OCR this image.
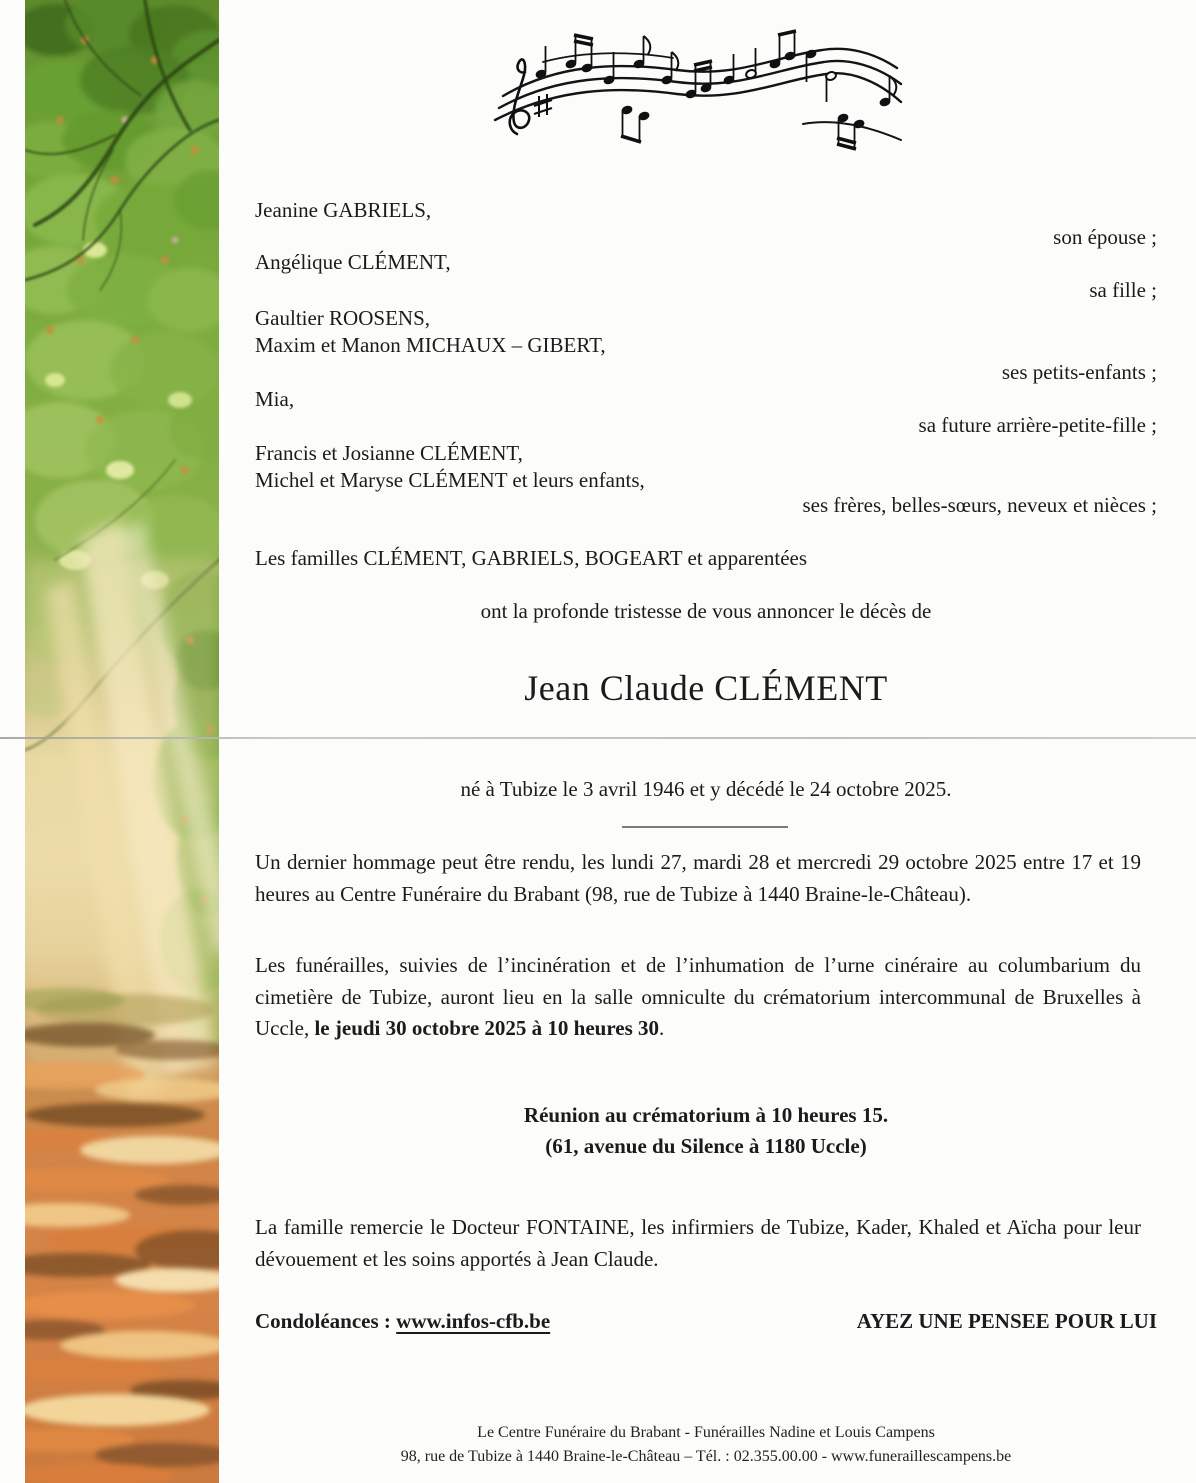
Jeanine GABRIELS,
son épouse ;
Angélique CLÉMENT,
sa fille ;
Gaultier ROOSENS,
Maxim et Manon MICHAUX – GIBERT,
ses petits-enfants ;
Mia,
sa future arrière-petite-fille ;
Francis et Josianne CLÉMENT,
Michel et Maryse CLÉMENT et leurs enfants,
ses frères, belles-sœurs, neveux et nièces ;
Les familles CLÉMENT, GABRIELS, BOGEART et apparentées
ont la profonde tristesse de vous annoncer le décès de
Jean Claude CLÉMENT
né à Tubize le 3 avril 1946 et y décédé le 24 octobre 2025.
Un dernier hommage peut être rendu, les lundi 27, mardi 28 et mercredi 29 octobre 2025 entre 17 et 19 heures au Centre Funéraire du Brabant (98, rue de Tubize à 1440 Braine-le-Château).
Les funérailles, suivies de l’incinération et de l’inhumation de l’urne cinéraire au columbarium du cimetière de Tubize, auront lieu en la salle omniculte du crématorium intercommunal de Bruxelles à Uccle, le jeudi 30 octobre 2025 à 10 heures 30.
Réunion au crématorium à 10 heures 15.
(61, avenue du Silence à 1180 Uccle)
La famille remercie le Docteur FONTAINE, les infirmiers de Tubize, Kader, Khaled et Aïcha pour leur dévouement et les soins apportés à Jean Claude.
Condoléances : www.infos-cfb.be	AYEZ UNE PENSEE POUR LUI
Le Centre Funéraire du Brabant - Funérailles Nadine et Louis Campens
98, rue de Tubize à 1440 Braine-le-Château – Tél. : 02.355.00.00 - www.funeraillescampens.be
